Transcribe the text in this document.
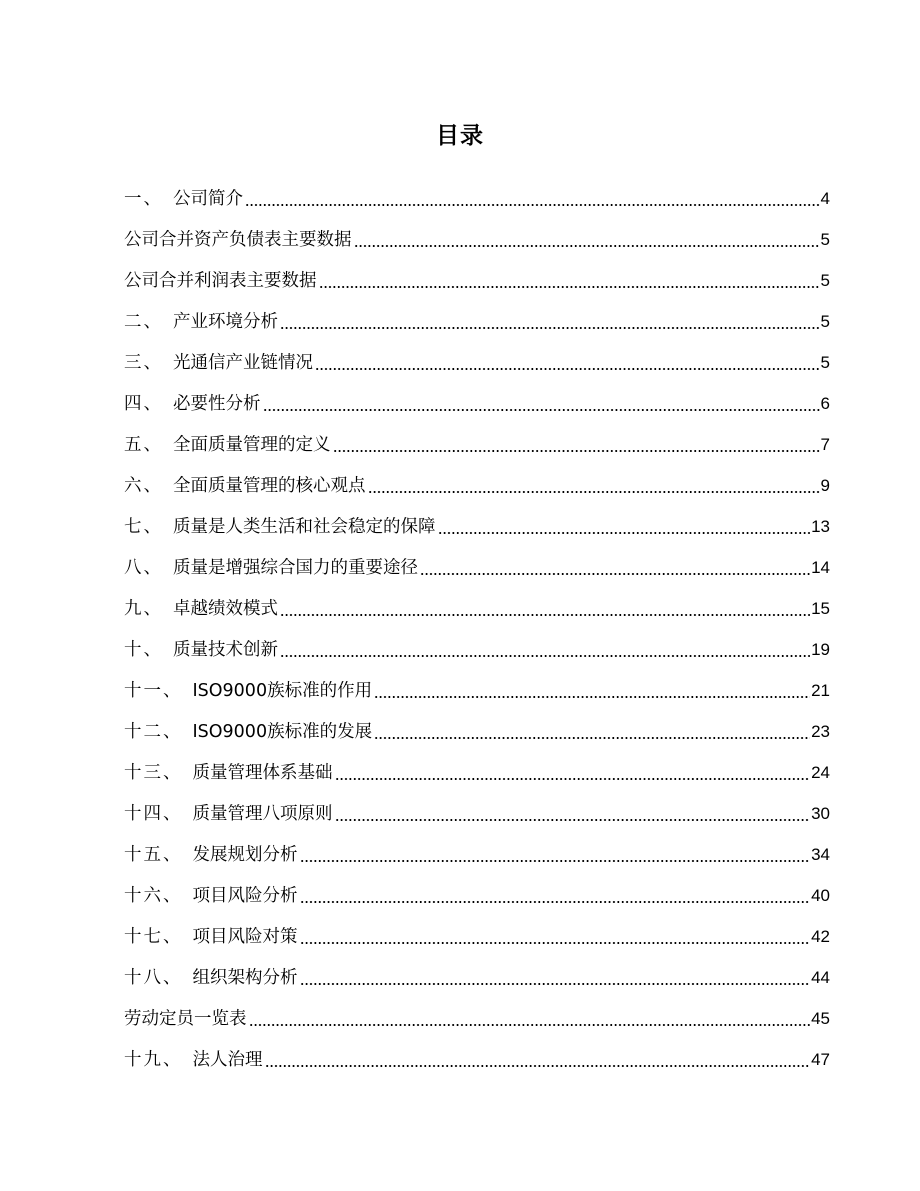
目录
一、 公司简介	4
公司合并资产负债表主要数据	5
公司合并利润表主要数据	5
二、 产业环境分析	5
三、 光通信产业链情况	5
四、 必要性分析	6
五、 全面质量管理的定义	7
六、 全面质量管理的核心观点	9
七、 质量是人类生活和社会稳定的保障	13
八、 质量是增强综合国力的重要途径	14
九、 卓越绩效模式	15
十、 质量技术创新	19
十一、 ISO9000族标准的作用	21
十二、 ISO9000族标准的发展	23
十三、 质量管理体系基础	24
十四、 质量管理八项原则	30
十五、 发展规划分析	34
十六、 项目风险分析	40
十七、 项目风险对策	42
十八、 组织架构分析	44
劳动定员一览表	45
十九、 法人治理	47
